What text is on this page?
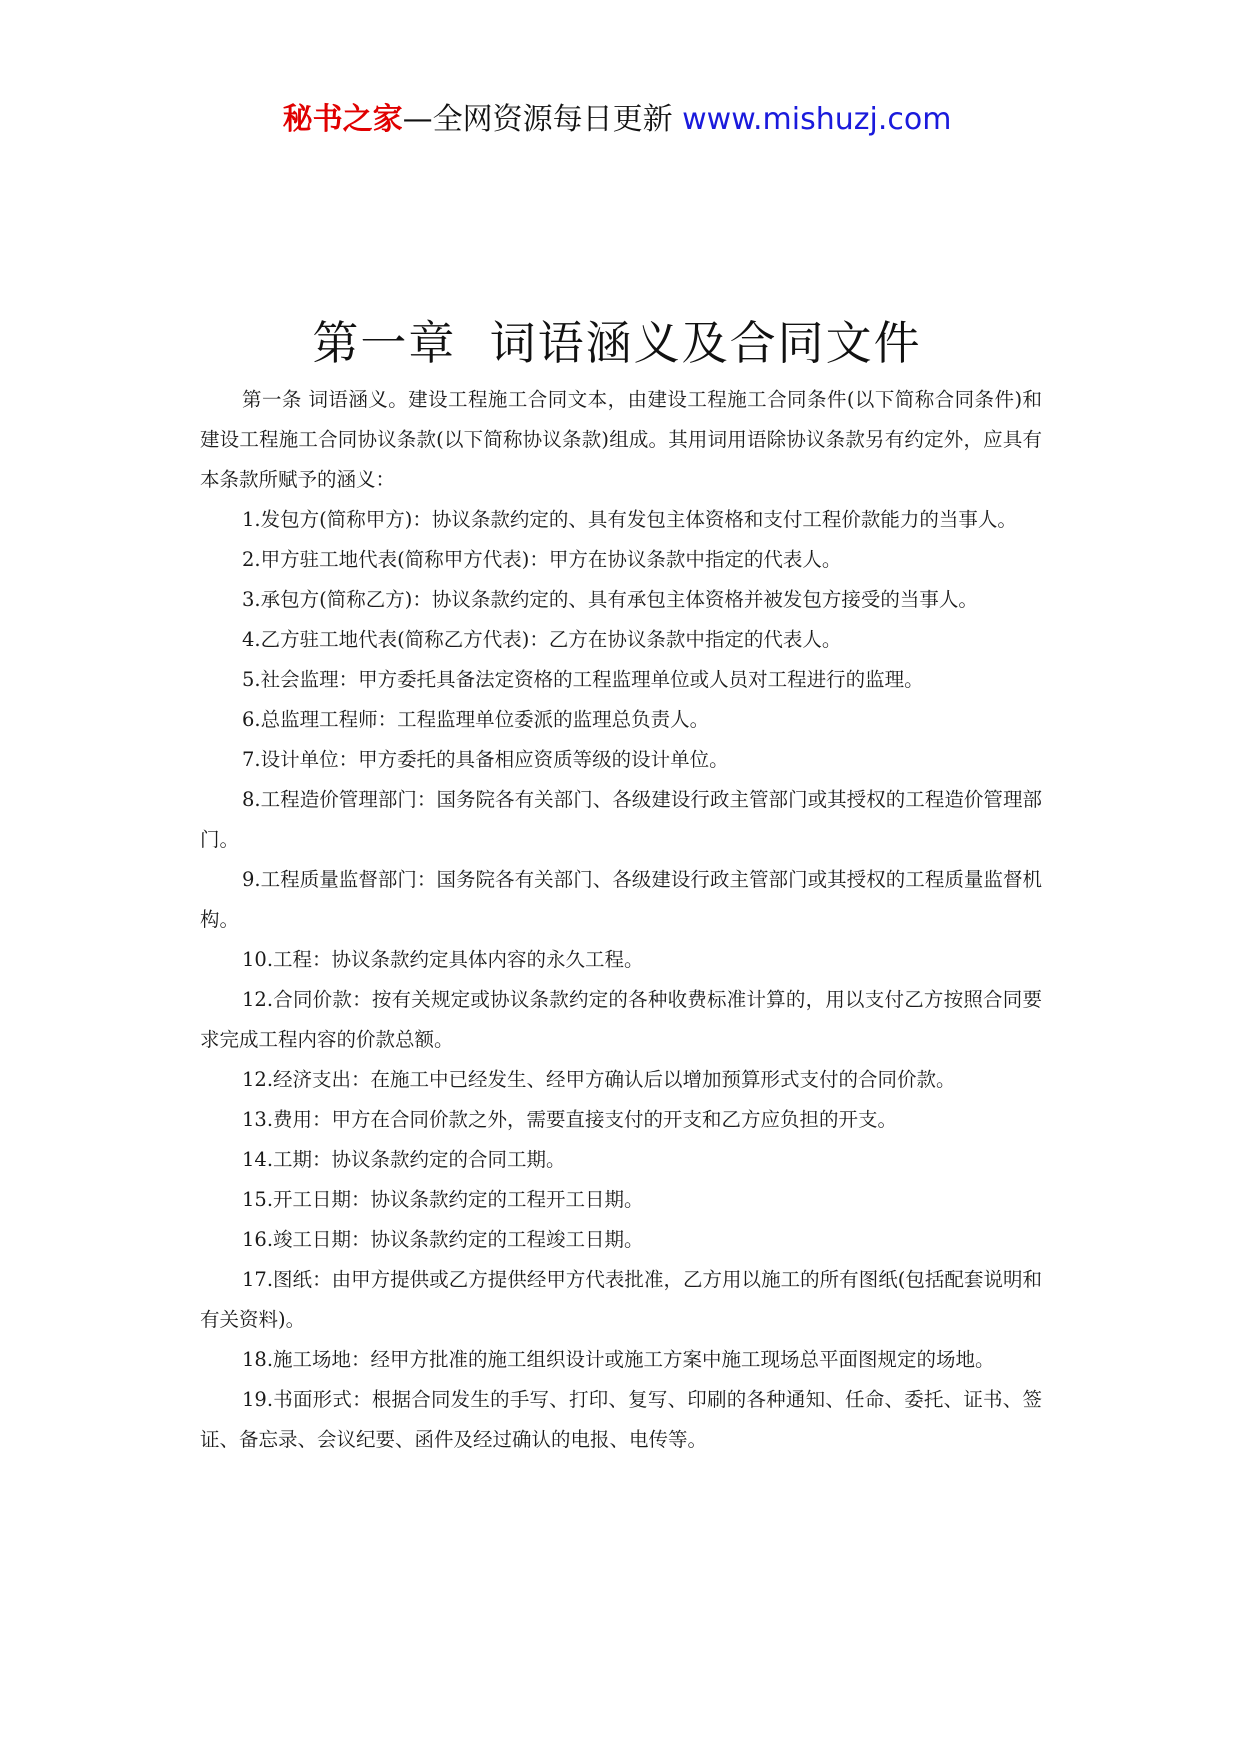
秘书之家—全网资源每日更新 www.mishuzj.com
第一章  词语涵义及合同文件

第一条 词语涵义。建设工程施工合同文本，由建设工程施工合同条件(以下简称合同条件)和建设工程施工合同协议条款(以下简称协议条款)组成。其用词用语除协议条款另有约定外，应具有本条款所赋予的涵义：

1.发包方(简称甲方)：协议条款约定的、具有发包主体资格和支付工程价款能力的当事人。

2.甲方驻工地代表(简称甲方代表)：甲方在协议条款中指定的代表人。

3.承包方(简称乙方)：协议条款约定的、具有承包主体资格并被发包方接受的当事人。

4.乙方驻工地代表(简称乙方代表)：乙方在协议条款中指定的代表人。

5.社会监理：甲方委托具备法定资格的工程监理单位或人员对工程进行的监理。

6.总监理工程师：工程监理单位委派的监理总负责人。

7.设计单位：甲方委托的具备相应资质等级的设计单位。

8.工程造价管理部门：国务院各有关部门、各级建设行政主管部门或其授权的工程造价管理部门。

9.工程质量监督部门：国务院各有关部门、各级建设行政主管部门或其授权的工程质量监督机构。

10.工程：协议条款约定具体内容的永久工程。

12.合同价款：按有关规定或协议条款约定的各种收费标准计算的，用以支付乙方按照合同要求完成工程内容的价款总额。

12.经济支出：在施工中已经发生、经甲方确认后以增加预算形式支付的合同价款。

13.费用：甲方在合同价款之外，需要直接支付的开支和乙方应负担的开支。

14.工期：协议条款约定的合同工期。

15.开工日期：协议条款约定的工程开工日期。

16.竣工日期：协议条款约定的工程竣工日期。

17.图纸：由甲方提供或乙方提供经甲方代表批准，乙方用以施工的所有图纸(包括配套说明和有关资料)。

18.施工场地：经甲方批准的施工组织设计或施工方案中施工现场总平面图规定的场地。

19.书面形式：根据合同发生的手写、打印、复写、印刷的各种通知、任命、委托、证书、签证、备忘录、会议纪要、函件及经过确认的电报、电传等。
